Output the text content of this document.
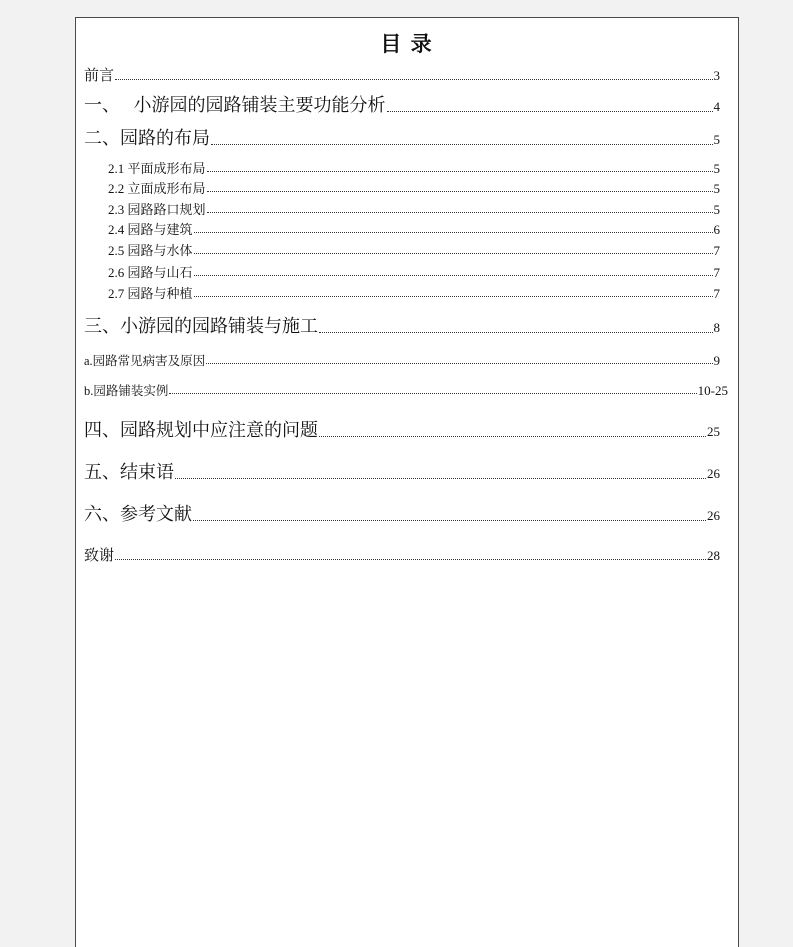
目 录
前言	3
一、   小游园的园路铺装主要功能分析	4
二、园路的布局	5
2.1 平面成形布局	5
2.2 立面成形布局	5
2.3 园路路口规划	5
2.4 园路与建筑	6
2.5 园路与水体	7
2.6 园路与山石	7
2.7 园路与种植	7
三、小游园的园路铺装与施工	8
a.园路常见病害及原因	9
b.园路铺装实例	10-25
四、园路规划中应注意的问题	25
五、结束语	26
六、参考文献	26
致谢	28
